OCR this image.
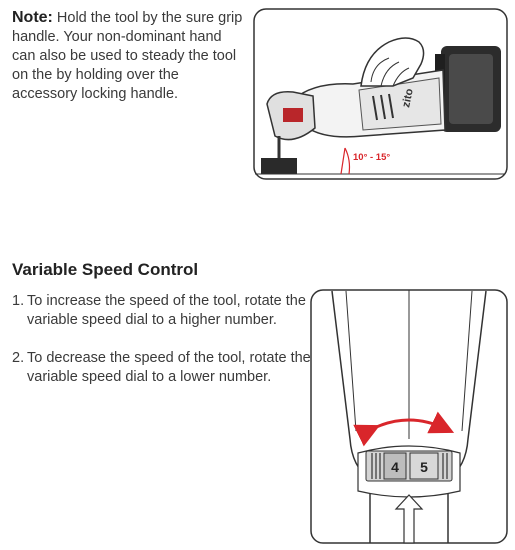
Note: Hold the tool by the sure grip handle. Your non-dominant hand can also be used to steady the tool on the by holding over the accessory locking handle.	zito
10° - 15°
Variable Speed Control
1. To increase the speed of the tool, rotate the variable speed dial to a higher number.
2. To decrease the speed of the tool, rotate the variable speed dial to a lower number.
4 5
